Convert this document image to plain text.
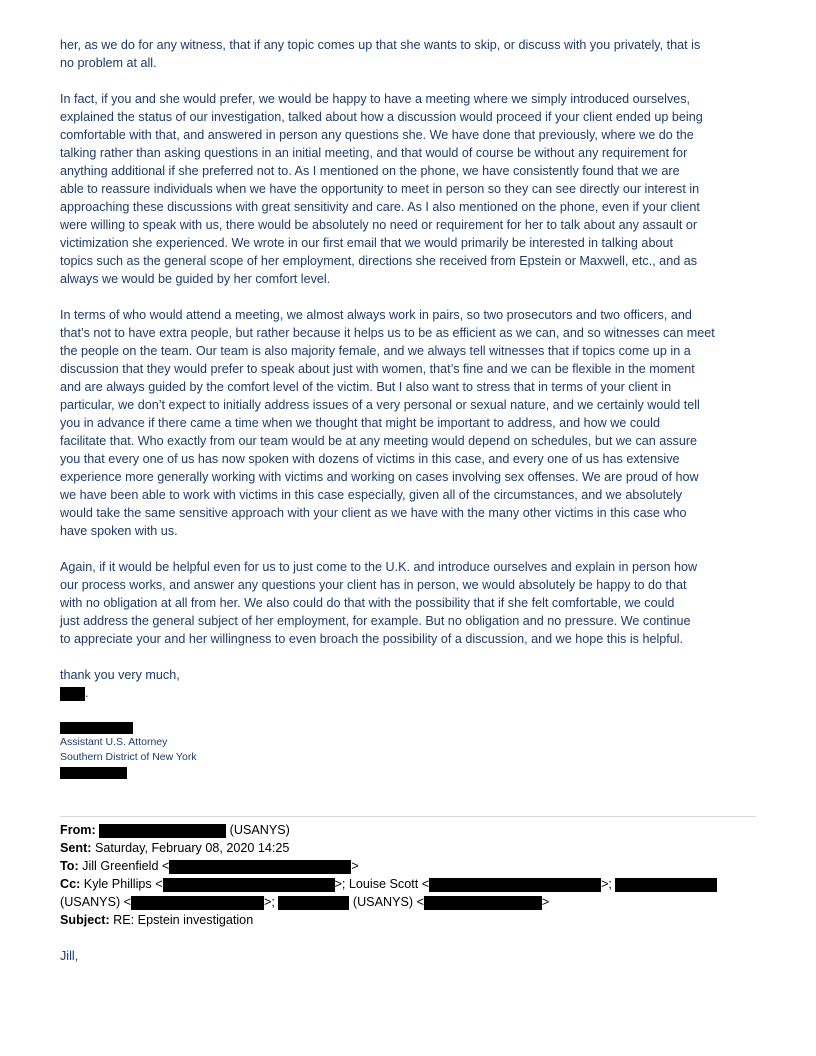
her, as we do for any witness, that if any topic comes up that she wants to skip, or discuss with you privately, that is
no problem at all.
In fact, if you and she would prefer, we would be happy to have a meeting where we simply introduced ourselves,
explained the status of our investigation, talked about how a discussion would proceed if your client ended up being
comfortable with that, and answered in person any questions she. We have done that previously, where we do the
talking rather than asking questions in an initial meeting, and that would of course be without any requirement for
anything additional if she preferred not to. As I mentioned on the phone, we have consistently found that we are
able to reassure individuals when we have the opportunity to meet in person so they can see directly our interest in
approaching these discussions with great sensitivity and care. As I also mentioned on the phone, even if your client
were willing to speak with us, there would be absolutely no need or requirement for her to talk about any assault or
victimization she experienced. We wrote in our first email that we would primarily be interested in talking about
topics such as the general scope of her employment, directions she received from Epstein or Maxwell, etc., and as
always we would be guided by her comfort level.
In terms of who would attend a meeting, we almost always work in pairs, so two prosecutors and two officers, and
that’s not to have extra people, but rather because it helps us to be as efficient as we can, and so witnesses can meet
the people on the team. Our team is also majority female, and we always tell witnesses that if topics come up in a
discussion that they would prefer to speak about just with women, that’s fine and we can be flexible in the moment
and are always guided by the comfort level of the victim. But I also want to stress that in terms of your client in
particular, we don’t expect to initially address issues of a very personal or sexual nature, and we certainly would tell
you in advance if there came a time when we thought that might be important to address, and how we could
facilitate that. Who exactly from our team would be at any meeting would depend on schedules, but we can assure
you that every one of us has now spoken with dozens of victims in this case, and every one of us has extensive
experience more generally working with victims and working on cases involving sex offenses. We are proud of how
we have been able to work with victims in this case especially, given all of the circumstances, and we absolutely
would take the same sensitive approach with your client as we have with the many other victims in this case who
have spoken with us.
Again, if it would be helpful even for us to just come to the U.K. and introduce ourselves and explain in person how
our process works, and answer any questions your client has in person, we would absolutely be happy to do that
with no obligation at all from her. We also could do that with the possibility that if she felt comfortable, we could
just address the general subject of her employment, for example. But no obligation and no pressure. We continue
to appreciate your and her willingness to even broach the possibility of a discussion, and we hope this is helpful.
thank you very much,
.
Assistant U.S. Attorney
Southern District of New York
From:	(USANYS)
Sent: Saturday, February 08, 2020 14:25
To: Jill Greenfield <	>
Cc: Kyle Phillips <	>; Louise Scott <	>;
(USANYS) <	>;	(USANYS) <	>
Subject: RE: Epstein investigation
Jill,
